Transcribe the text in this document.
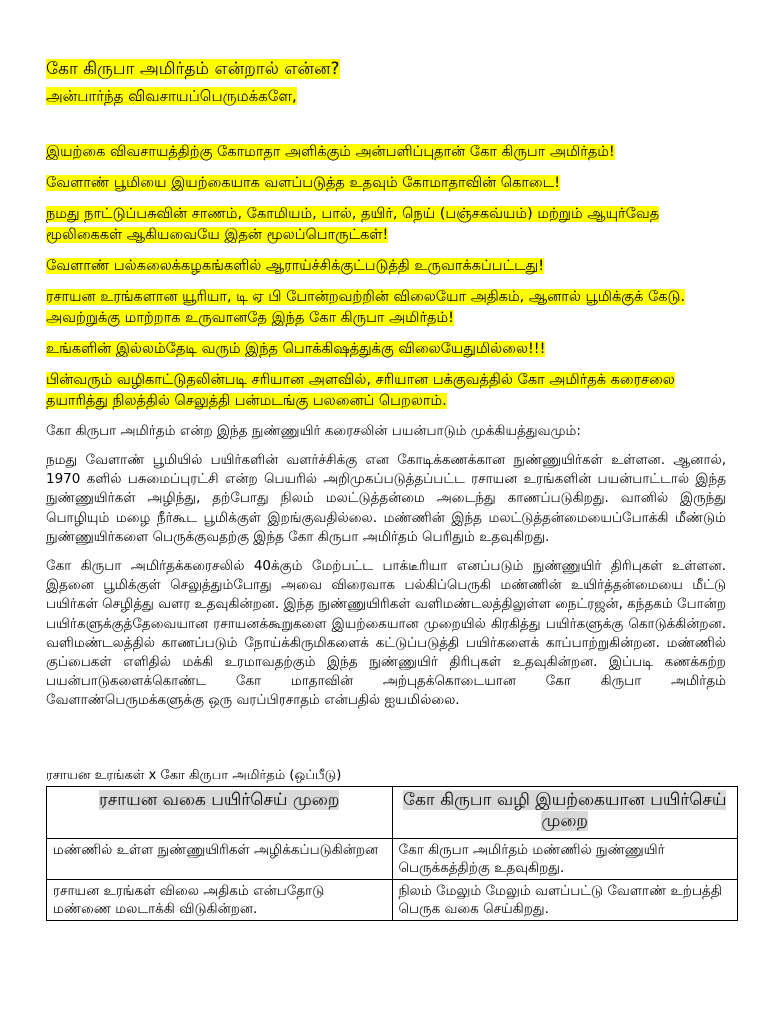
கோ கிருபா அமிர்தம் என்றால் என்ன?

அன்பார்ந்த விவசாயப்பெருமக்களே,

இயற்கை விவசாயத்திற்கு கோமாதா அளிக்கும் அன்பளிப்புதான் கோ கிருபா அமிர்தம்!

வேளாண் பூமியை இயற்கையாக வளப்படுத்த உதவும் கோமாதாவின் கொடை!

நமது நாட்டுப்பசுவின் சாணம், கோமியம், பால், தயிர், நெய் (பஞ்சகவ்யம்) மற்றும் ஆயுர்வேத மூலிகைகள் ஆகியவையே இதன் மூலப்பொருட்கள்!

வேளாண் பல்கலைக்கழகங்களில் ஆராய்ச்சிக்குட்படுத்தி உருவாக்கப்பட்டது!

ரசாயன உரங்களான யூரியா, டி ஏ பி போன்றவற்றின் விலையோ அதிகம், ஆனால் பூமிக்குக் கேடு. அவற்றுக்கு மாற்றாக உருவானதே இந்த கோ கிருபா அமிர்தம்!

உங்களின் இல்லம்தேடி வரும் இந்த பொக்கிஷத்துக்கு விலையேதுமில்லை!!!

பின்வரும் வழிகாட்டுதலின்படி சரியான அளவில், சரியான பக்குவத்தில் கோ அமிர்தக் கரைசலை தயாரித்து நிலத்தில் செலுத்தி பன்மடங்கு பலனைப் பெறலாம்.

கோ கிருபா அமிர்தம் என்ற இந்த நுண்ணுயிர் கரைசலின் பயன்பாடும் முக்கியத்துவமும்:

நமது வேளாண் பூமியில் பயிர்களின் வளர்ச்சிக்கு என கோடிக்கணக்கான நுண்ணுயிர்கள் உள்ளன. ஆனால், 1970 களில் பசுமைப்புரட்சி என்ற பெயரில் அறிமுகப்படுத்தப்பட்ட ரசாயன உரங்களின் பயன்பாட்டால் இந்த நுண்ணுயிர்கள் அழிந்து, தற்போது நிலம் மலட்டுத்தன்மை அடைந்து காணப்படுகிறது. வானில் இருந்து பொழியும் மழை நீர்கூட பூமிக்குள் இறங்குவதில்லை. மண்ணின் இந்த மலட்டுத்தன்மையைப்போக்கி மீண்டும் நுண்ணுயிர்களை பெருக்குவதற்கு இந்த கோ கிருபா அமிர்தம் பெரிதும் உதவுகிறது.

கோ கிருபா அமிர்தக்கரைசலில் 40க்கும் மேற்பட்ட பாக்டீரியா எனப்படும் நுண்ணுயிர் திரிபுகள் உள்ளன. இதனை பூமிக்குள் செலுத்தும்போது அவை விரைவாக பல்கிப்பெருகி மண்ணின் உயிர்த்தன்மையை மீட்டு பயிர்கள் செழித்து வளர உதவுகின்றன. இந்த நுண்ணுயிரிகள் வளிமண்டலத்திலுள்ள நைட்ரஜன், கந்தகம் போன்ற பயிர்களுக்குத்தேவையான ரசாயனக்கூறுகளை இயற்கையான முறையில் கிரகித்து பயிர்களுக்கு கொடுக்கின்றன. வளிமண்டலத்தில் காணப்படும் நோய்க்கிருமிகளைக் கட்டுப்படுத்தி பயிர்களைக் காப்பாற்றுகின்றன. மண்ணில் குப்பைகள் எளிதில் மக்கி உரமாவதற்கும் இந்த நுண்ணுயிர் திரிபுகள் உதவுகின்றன. இப்படி கணக்கற்ற பயன்பாடுகளைக்கொண்ட கோ மாதாவின் அற்புதக்கொடையான கோ கிருபா அமிர்தம் வேளாண்பெருமக்களுக்கு ஒரு வரப்பிரசாதம் என்பதில் ஐயமில்லை.

ரசாயன உரங்கள் x கோ கிருபா அமிர்தம் (ஒப்பீடு)

ரசாயன வகை பயிர்செய் முறை	கோ கிருபா வழி இயற்கையான பயிர்செய் முறை
மண்ணில் உள்ள நுண்ணுயிரிகள் அழிக்கப்படுகின்றன	கோ கிருபா அமிர்தம் மண்ணில் நுண்ணுயிர் பெருக்கத்திற்கு உதவுகிறது.
ரசாயன உரங்கள் விலை அதிகம் என்பதோடு மண்ணை மலடாக்கி விடுகின்றன.	நிலம் மேலும் மேலும் வளப்பட்டு வேளாண் உற்பத்தி பெருக வகை செய்கிறது.
